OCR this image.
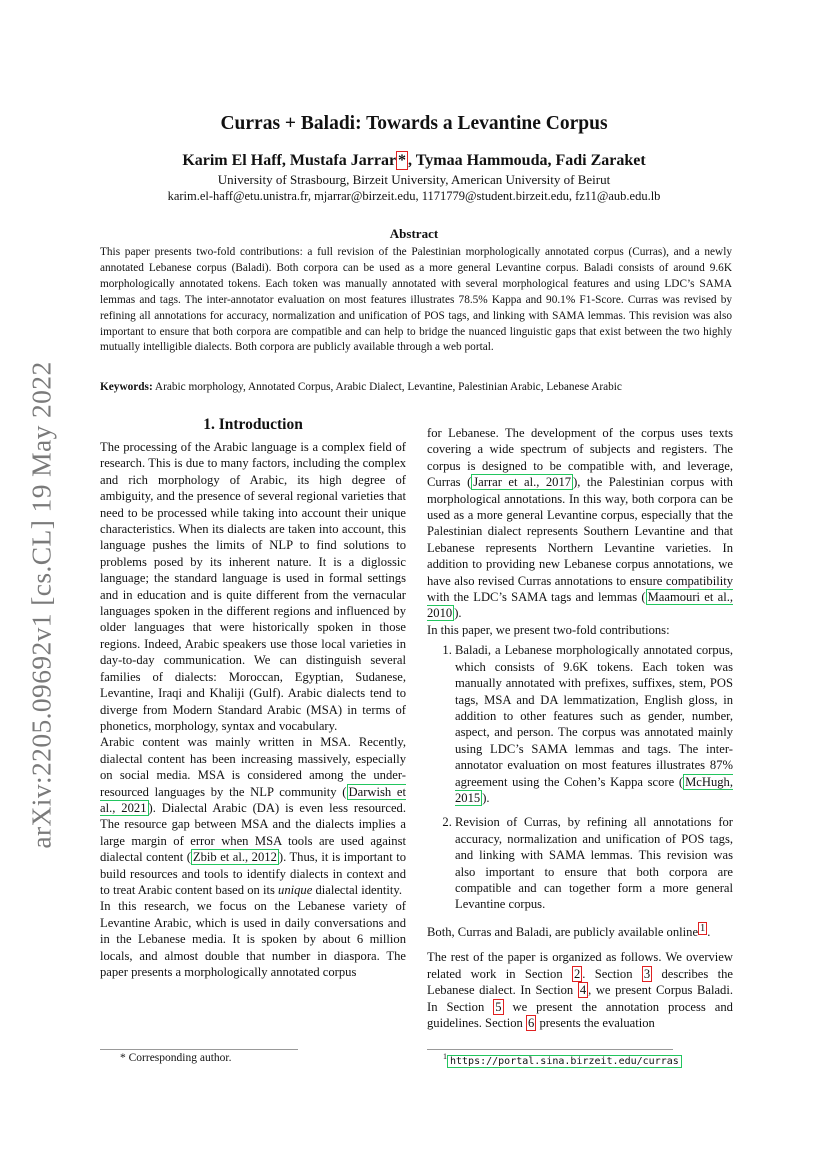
arXiv:2205.09692v1 [cs.CL] 19 May 2022
Curras + Baladi: Towards a Levantine Corpus
Karim El Haff, Mustafa Jarrar * , Tymaa Hammouda, Fadi Zaraket
University of Strasbourg, Birzeit University, American University of Beirut
karim.el-haff@etu.unistra.fr, mjarrar@birzeit.edu, 1171779@student.birzeit.edu, fz11@aub.edu.lb
Abstract
This paper presents two-fold contributions: a full revision of the Palestinian morphologically annotated corpus (Curras), and a newly annotated Lebanese corpus (Baladi). Both corpora can be used as a more general Levantine corpus. Baladi consists of around 9.6K morphologically annotated tokens. Each token was manually annotated with several morphological features and using LDC’s SAMA lemmas and tags. The inter-annotator evaluation on most features illustrates 78.5% Kappa and 90.1% F1-Score. Curras was revised by refining all annotations for accuracy, normalization and unification of POS tags, and linking with SAMA lemmas. This revision was also important to ensure that both corpora are compatible and can help to bridge the nuanced linguistic gaps that exist between the two highly mutually intelligible dialects. Both corpora are publicly available through a web portal.
Keywords: Arabic morphology, Annotated Corpus, Arabic Dialect, Levantine, Palestinian Arabic, Lebanese Arabic
1. Introduction

The processing of the Arabic language is a complex field of research. This is due to many factors, including the complex and rich morphology of Arabic, its high degree of ambiguity, and the presence of several regional varieties that need to be processed while taking into account their unique characteristics. When its dialects are taken into account, this language pushes the limits of NLP to find solutions to problems posed by its inherent nature. It is a diglossic language; the standard language is used in formal settings and in education and is quite different from the vernacular languages spoken in the different regions and influenced by older languages that were historically spoken in those regions. Indeed, Arabic speakers use those local varieties in day-to-day communication. We can distinguish several families of dialects: Moroccan, Egyptian, Sudanese, Levantine, Iraqi and Khaliji (Gulf). Arabic dialects tend to diverge from Modern Standard Arabic (MSA) in terms of phonetics, morphology, syntax and vocabulary.

Arabic content was mainly written in MSA. Recently, dialectal content has been increasing massively, especially on social media. MSA is considered among the under-resourced languages by the NLP community ( Darwish et al., 2021 ). Dialectal Arabic (DA) is even less resourced. The resource gap between MSA and the dialects implies a large margin of error when MSA tools are used against dialectal content ( Zbib et al., 2012 ). Thus, it is important to build resources and tools to identify dialects in context and to treat Arabic content based on its unique dialectal identity.

In this research, we focus on the Lebanese variety of Levantine Arabic, which is used in daily conversations and in the Lebanese media. It is spoken by about 6 million locals, and almost double that number in diaspora. The paper presents a morphologically annotated corpus

for Lebanese. The development of the corpus uses texts covering a wide spectrum of subjects and registers. The corpus is designed to be compatible with, and leverage, Curras ( Jarrar et al., 2017 ), the Palestinian corpus with morphological annotations. In this way, both corpora can be used as a more general Levantine corpus, especially that the Palestinian dialect represents Southern Levantine and that Lebanese represents Northern Levantine varieties. In addition to providing new Lebanese corpus annotations, we have also revised Curras annotations to ensure compatibility with the LDC’s SAMA tags and lemmas ( Maamouri et al., 2010 ).

In this paper, we present two-fold contributions:

1. Baladi, a Lebanese morphologically annotated corpus, which consists of 9.6K tokens. Each token was manually annotated with prefixes, suffixes, stem, POS tags, MSA and DA lemmatization, English gloss, in addition to other features such as gender, number, aspect, and person. The corpus was annotated mainly using LDC’s SAMA lemmas and tags. The inter-annotator evaluation on most features illustrates 87% agreement using the Cohen’s Kappa score ( McHugh, 2015 ).
2. Revision of Curras, by refining all annotations for accuracy, normalization and unification of POS tags, and linking with SAMA lemmas. This revision was also important to ensure that both corpora are compatible and can together form a more general Levantine corpus.

Both, Curras and Baladi, are publicly available online $^1$ .

The rest of the paper is organized as follows. We overview related work in Section 2 . Section 3 describes the Lebanese dialect. In Section 4 , we present Corpus Baladi. In Section 5 we present the annotation process and guidelines. Section 6 presents the evaluation

* Corresponding author.	$^1$ https://portal.sina.birzeit.edu/curras
